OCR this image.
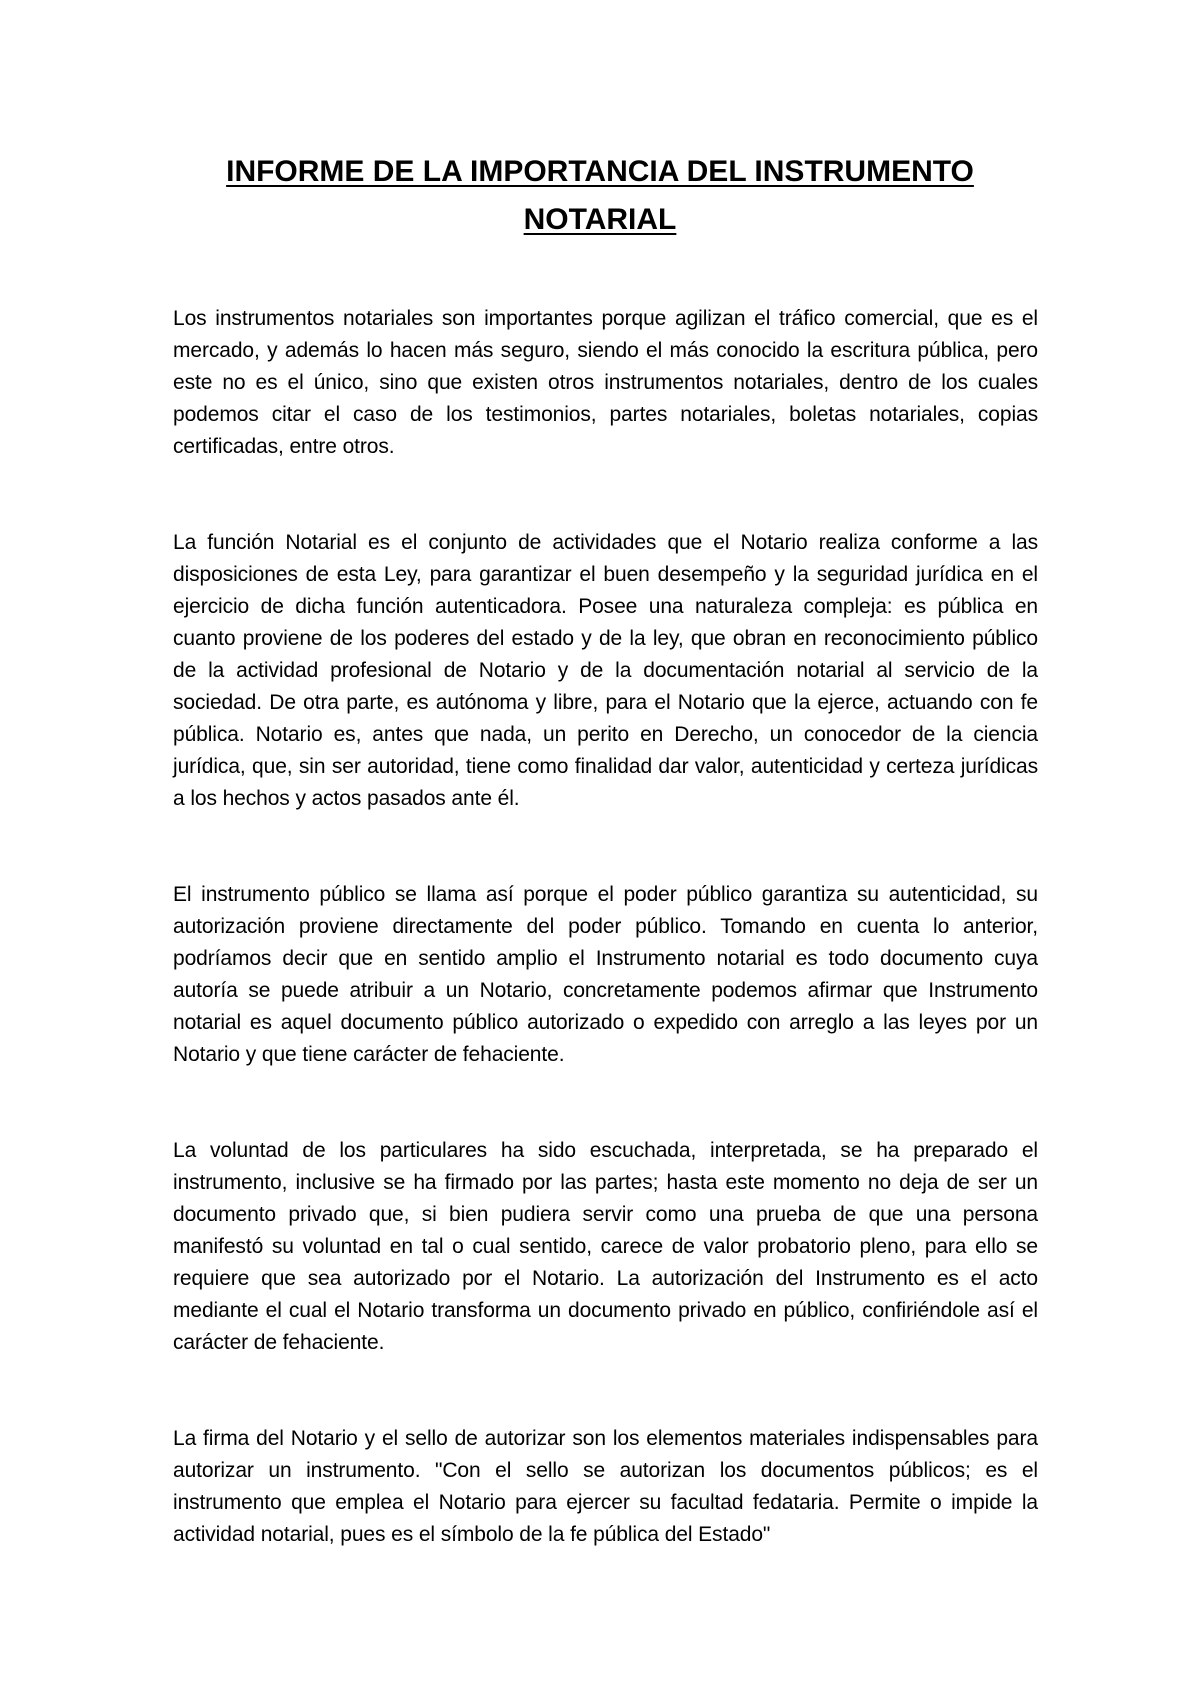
INFORME DE LA IMPORTANCIA DEL INSTRUMENTO NOTARIAL

Los instrumentos notariales son importantes porque agilizan el tráfico comercial, que es el mercado, y además lo hacen más seguro, siendo el más conocido la escritura pública, pero este no es el único, sino que existen otros instrumentos notariales, dentro de los cuales podemos citar el caso de los testimonios, partes notariales, boletas notariales, copias certificadas, entre otros.

La función Notarial es el conjunto de actividades que el Notario realiza conforme a las disposiciones de esta Ley, para garantizar el buen desempeño y la seguridad jurídica en el ejercicio de dicha función autenticadora. Posee una naturaleza compleja: es pública en cuanto proviene de los poderes del estado y de la ley, que obran en reconocimiento público de la actividad profesional de Notario y de la documentación notarial al servicio de la sociedad. De otra parte, es autónoma y libre, para el Notario que la ejerce, actuando con fe pública. Notario es, antes que nada, un perito en Derecho, un conocedor de la ciencia jurídica, que, sin ser autoridad, tiene como finalidad dar valor, autenticidad y certeza jurídicas a los hechos y actos pasados ante él.

El instrumento público se llama así porque el poder público garantiza su autenticidad, su autorización proviene directamente del poder público. Tomando en cuenta lo anterior, podríamos decir que en sentido amplio el Instrumento notarial es todo documento cuya autoría se puede atribuir a un Notario, concretamente podemos afirmar que Instrumento notarial es aquel documento público autorizado o expedido con arreglo a las leyes por un Notario y que tiene carácter de fehaciente.

La voluntad de los particulares ha sido escuchada, interpretada, se ha preparado el instrumento, inclusive se ha firmado por las partes; hasta este momento no deja de ser un documento privado que, si bien pudiera servir como una prueba de que una persona manifestó su voluntad en tal o cual sentido, carece de valor probatorio pleno, para ello se requiere que sea autorizado por el Notario. La autorización del Instrumento es el acto mediante el cual el Notario transforma un documento privado en público, confiriéndole así el carácter de fehaciente.

La firma del Notario y el sello de autorizar son los elementos materiales indispensables para autorizar un instrumento. "Con el sello se autorizan los documentos públicos; es el instrumento que emplea el Notario para ejercer su facultad fedataria. Permite o impide la actividad notarial, pues es el símbolo de la fe pública del Estado"
